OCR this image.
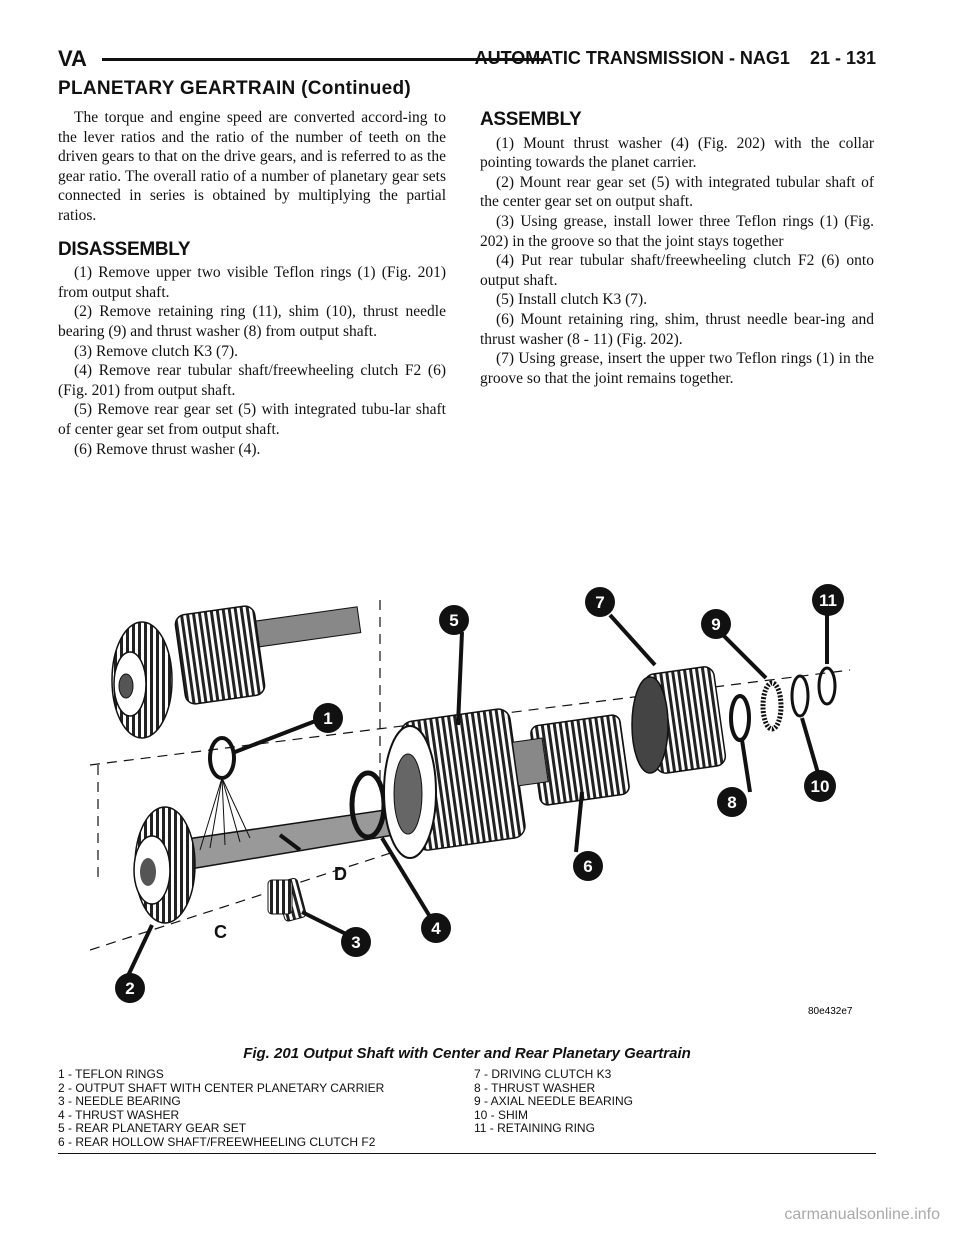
VA	AUTOMATIC TRANSMISSION - NAG1    21 - 131
PLANETARY GEARTRAIN (Continued)

The torque and engine speed are converted accord-ing to the lever ratios and the ratio of the number of teeth on the driven gears to that on the drive gears, and is referred to as the gear ratio. The overall ratio of a number of planetary gear sets connected in series is obtained by multiplying the partial ratios.

DISASSEMBLY

(1) Remove upper two visible Teflon rings (1) (Fig. 201) from output shaft.

(2) Remove retaining ring (11), shim (10), thrust needle bearing (9) and thrust washer (8) from output shaft.

(3) Remove clutch K3 (7).

(4) Remove rear tubular shaft/freewheeling clutch F2 (6) (Fig. 201) from output shaft.

(5) Remove rear gear set (5) with integrated tubu-lar shaft of center gear set from output shaft.

(6) Remove thrust washer (4).

ASSEMBLY

(1) Mount thrust washer (4) (Fig. 202) with the collar pointing towards the planet carrier.

(2) Mount rear gear set (5) with integrated tubular shaft of the center gear set on output shaft.

(3) Using grease, install lower three Teflon rings (1) (Fig. 202) in the groove so that the joint stays together

(4) Put rear tubular shaft/freewheeling clutch F2 (6) onto output shaft.

(5) Install clutch K3 (7).

(6) Mount retaining ring, shim, thrust needle bear-ing and thrust washer (8 - 11) (Fig. 202).

(7) Using grease, insert the upper two Teflon rings (1) in the groove so that the joint remains together.

1
5
7
9
11
8
10
6
4
3
2
C
D
80e432e7
Fig. 201 Output Shaft with Center and Rear Planetary Geartrain
1 - TEFLON RINGS
2 - OUTPUT SHAFT WITH CENTER PLANETARY CARRIER
3 - NEEDLE BEARING
4 - THRUST WASHER
5 - REAR PLANETARY GEAR SET
6 - REAR HOLLOW SHAFT/FREEWHEELING CLUTCH F2
7 - DRIVING CLUTCH K3
8 - THRUST WASHER
9 - AXIAL NEEDLE BEARING
10 - SHIM
11 - RETAINING RING
carmanualsonline.info
